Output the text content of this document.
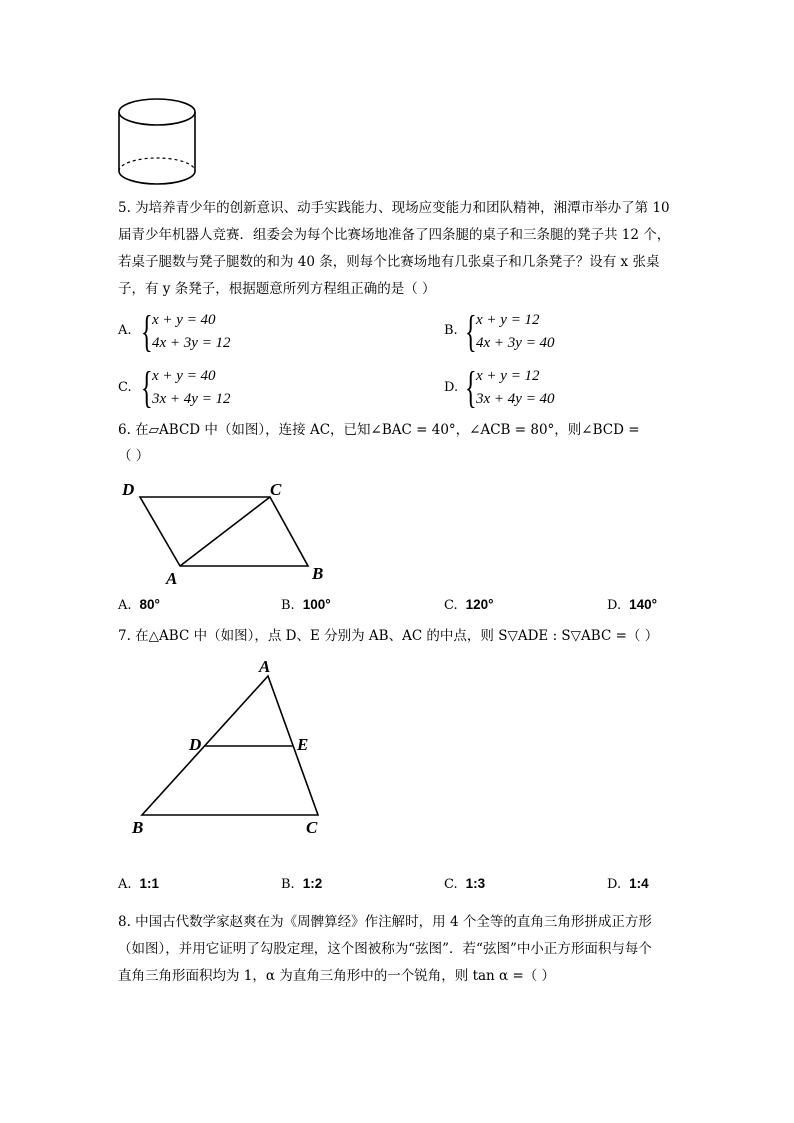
5. 为培养青少年的创新意识、动手实践能力、现场应变能力和团队精神，湘潭市举办了第 10
届青少年机器人竞赛．组委会为每个比赛场地准备了四条腿的桌子和三条腿的凳子共 12 个，
若桌子腿数与凳子腿数的和为 40 条，则每个比赛场地有几张桌子和几条凳子？设有 x 张桌
子，有 y 条凳子，根据题意所列方程组正确的是（ ）
A. { x + y = 40
4x + 3y = 12
B. { x + y = 12
4x + 3y = 40
C. { x + y = 40
3x + 4y = 12
D. { x + y = 12
3x + 4y = 40
6. 在▱ABCD 中（如图），连接 AC，已知∠BAC = 40°，∠ACB = 80°，则∠BCD =
（ ）
D	C
A	B
A. 80°	B. 100°	C. 120°	D. 140°
7. 在△ABC 中（如图），点 D、E 分别为 AB、AC 的中点，则 S▽ADE : S▽ABC =（ ）
A
D	E
B	C
A. 1:1	B. 1:2	C. 1:3	D. 1:4
8. 中国古代数学家赵爽在为《周髀算经》作注解时，用 4 个全等的直角三角形拼成正方形
（如图），并用它证明了勾股定理，这个图被称为“弦图”．若“弦图”中小正方形面积与每个
直角三角形面积均为 1，α 为直角三角形中的一个锐角，则 tan α =（ ）
